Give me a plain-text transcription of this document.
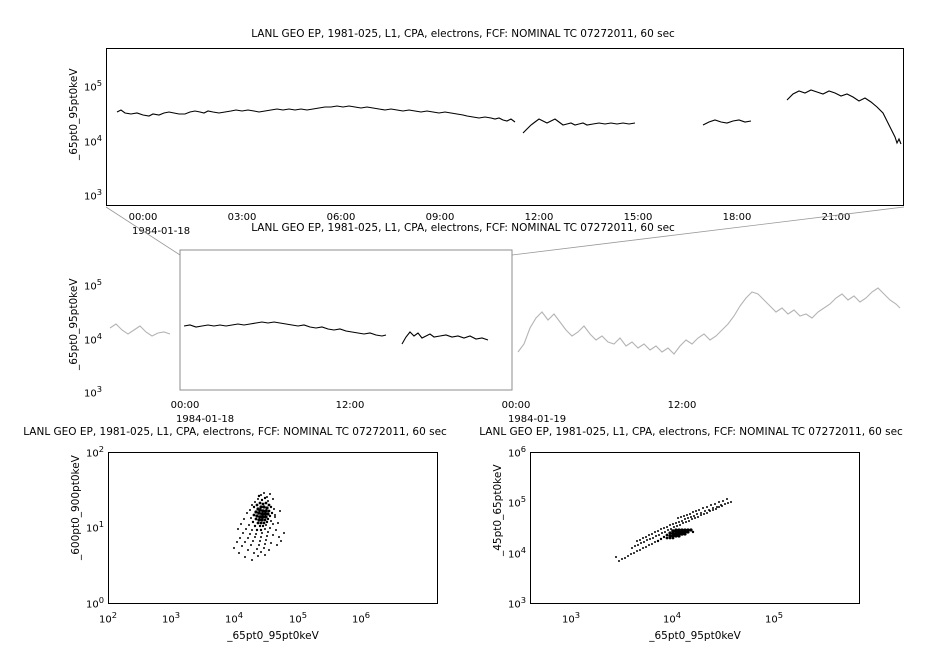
LANL GEO EP, 1981-025, L1, CPA, electrons, FCF: NOMINAL TC 07272011, 60 sec
_65pt0_95pt0keV $10^5$
$10^4$
$10^3$
00:00	03:00	06:00	09:00	12:00	15:00	18:00	21:00
1984-01-18	LANL GEO EP, 1981-025, L1, CPA, electrons, FCF: NOMINAL TC 07272011, 60 sec
_65pt0_95pt0keV $10^5$
$10^4$
$10^3$
00:00	12:00	00:00	12:00
1984-01-18	1984-01-19
LANL GEO EP, 1981-025, L1, CPA, electrons, FCF: NOMINAL TC 07272011, 60 sec
_600pt0_900pt0keV
$10^2$
$10^1$
$10^0$
$10^2$	$10^3$	$10^4$	$10^5$	$10^6$
_65pt0_95pt0keV
LANL GEO EP, 1981-025, L1, CPA, electrons, FCF: NOMINAL TC 07272011, 60 sec
_45pt0_65pt0keV
$10^6$
$10^5$
$10^4$
$10^3$
$10^3$	$10^4$	$10^5$
_65pt0_95pt0keV
